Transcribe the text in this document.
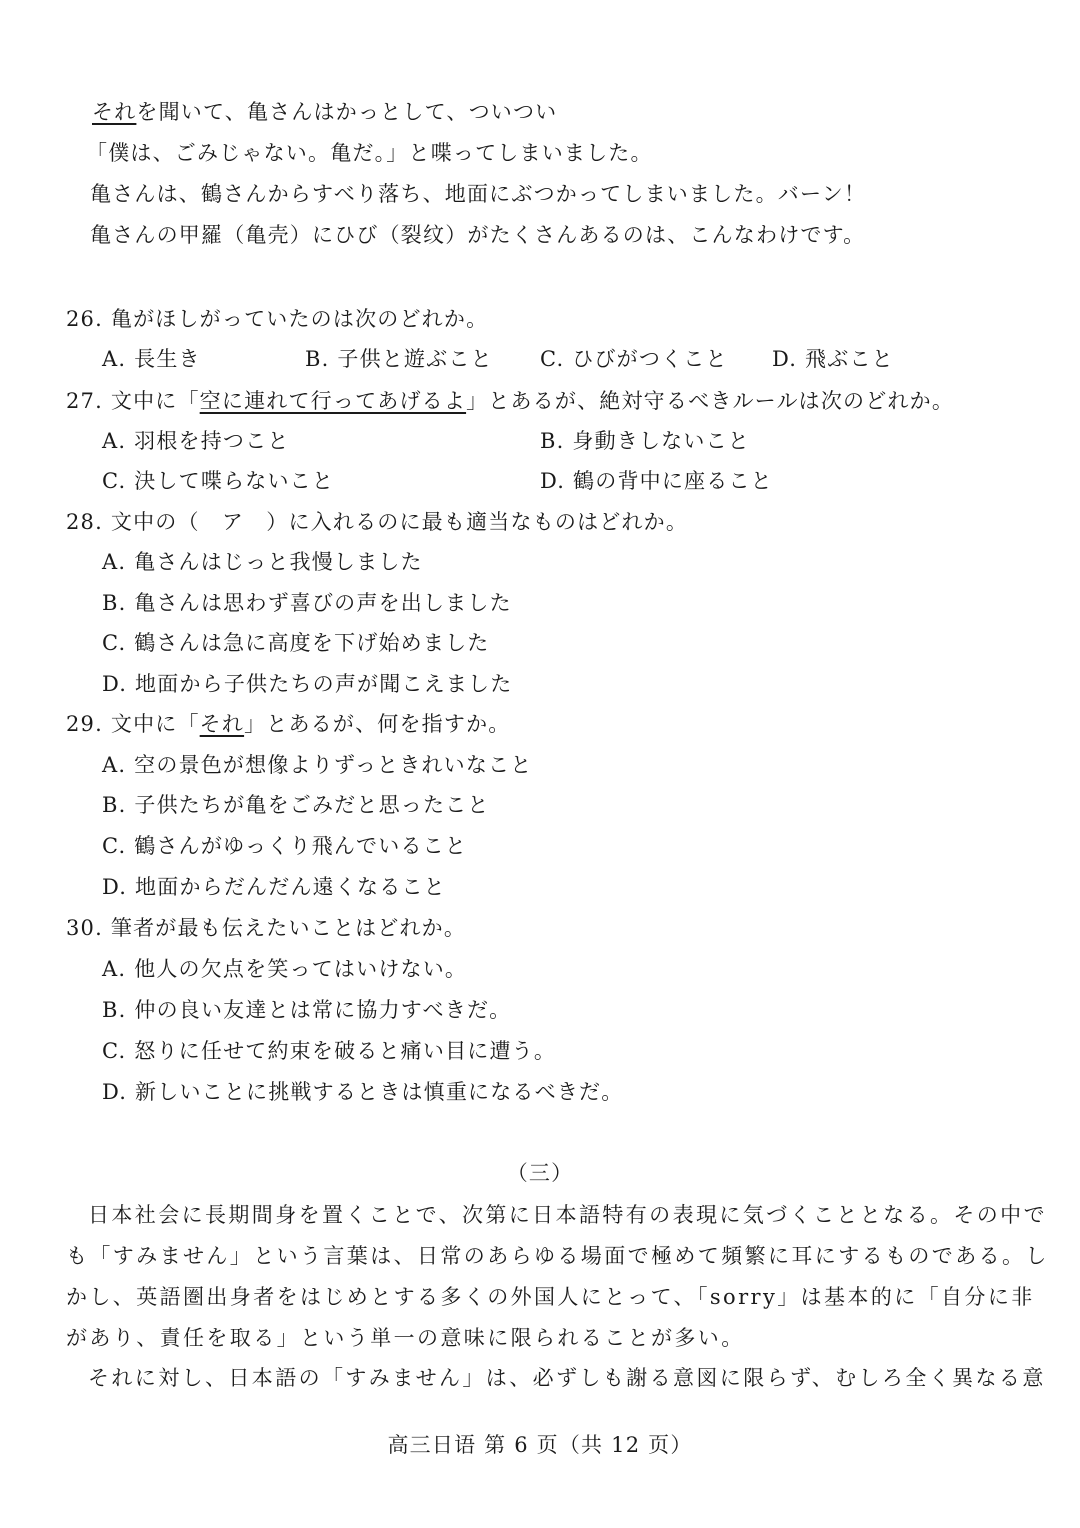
それを聞いて、亀さんはかっとして、ついつい
「僕は、ごみじゃない。亀だ。」と喋ってしまいました。
亀さんは、鶴さんからすべり落ち、地面にぶつかってしまいました。バーン！
亀さんの甲羅（亀壳）にひび（裂纹）がたくさんあるのは、こんなわけです。
26. 亀がほしがっていたのは次のどれか。
A. 長生き	B. 子供と遊ぶこと C. ひびがつくこと D. 飛ぶこと
27. 文中に「空に連れて行ってあげるよ」とあるが、絶対守るべきルールは次のどれか。
A. 羽根を持つこと	B. 身動きしないこと
C. 決して喋らないこと	D. 鶴の背中に座ること
28. 文中の（　ア　）に入れるのに最も適当なものはどれか。
A. 亀さんはじっと我慢しました
B. 亀さんは思わず喜びの声を出しました
C. 鶴さんは急に高度を下げ始めました
D. 地面から子供たちの声が聞こえました
29. 文中に「それ」とあるが、何を指すか。
A. 空の景色が想像よりずっときれいなこと
B. 子供たちが亀をごみだと思ったこと
C. 鶴さんがゆっくり飛んでいること
D. 地面からだんだん遠くなること
30. 筆者が最も伝えたいことはどれか。
A. 他人の欠点を笑ってはいけない。
B. 仲の良い友達とは常に協力すべきだ。
C. 怒りに任せて約束を破ると痛い目に遭う。
D. 新しいことに挑戦するときは慎重になるべきだ。
（三）
日本社会に長期間身を置くことで、次第に日本語特有の表現に気づくこととなる。その中で
も「すみません」という言葉は、日常のあらゆる場面で極めて頻繁に耳にするものである。し
かし、英語圏出身者をはじめとする多くの外国人にとって、「sorry」は基本的に「自分に非
があり、責任を取る」という単一の意味に限られることが多い。
それに対し、日本語の「すみません」は、必ずしも謝る意図に限らず、むしろ全く異なる意
高三日语 第 6 页（共 12 页）
